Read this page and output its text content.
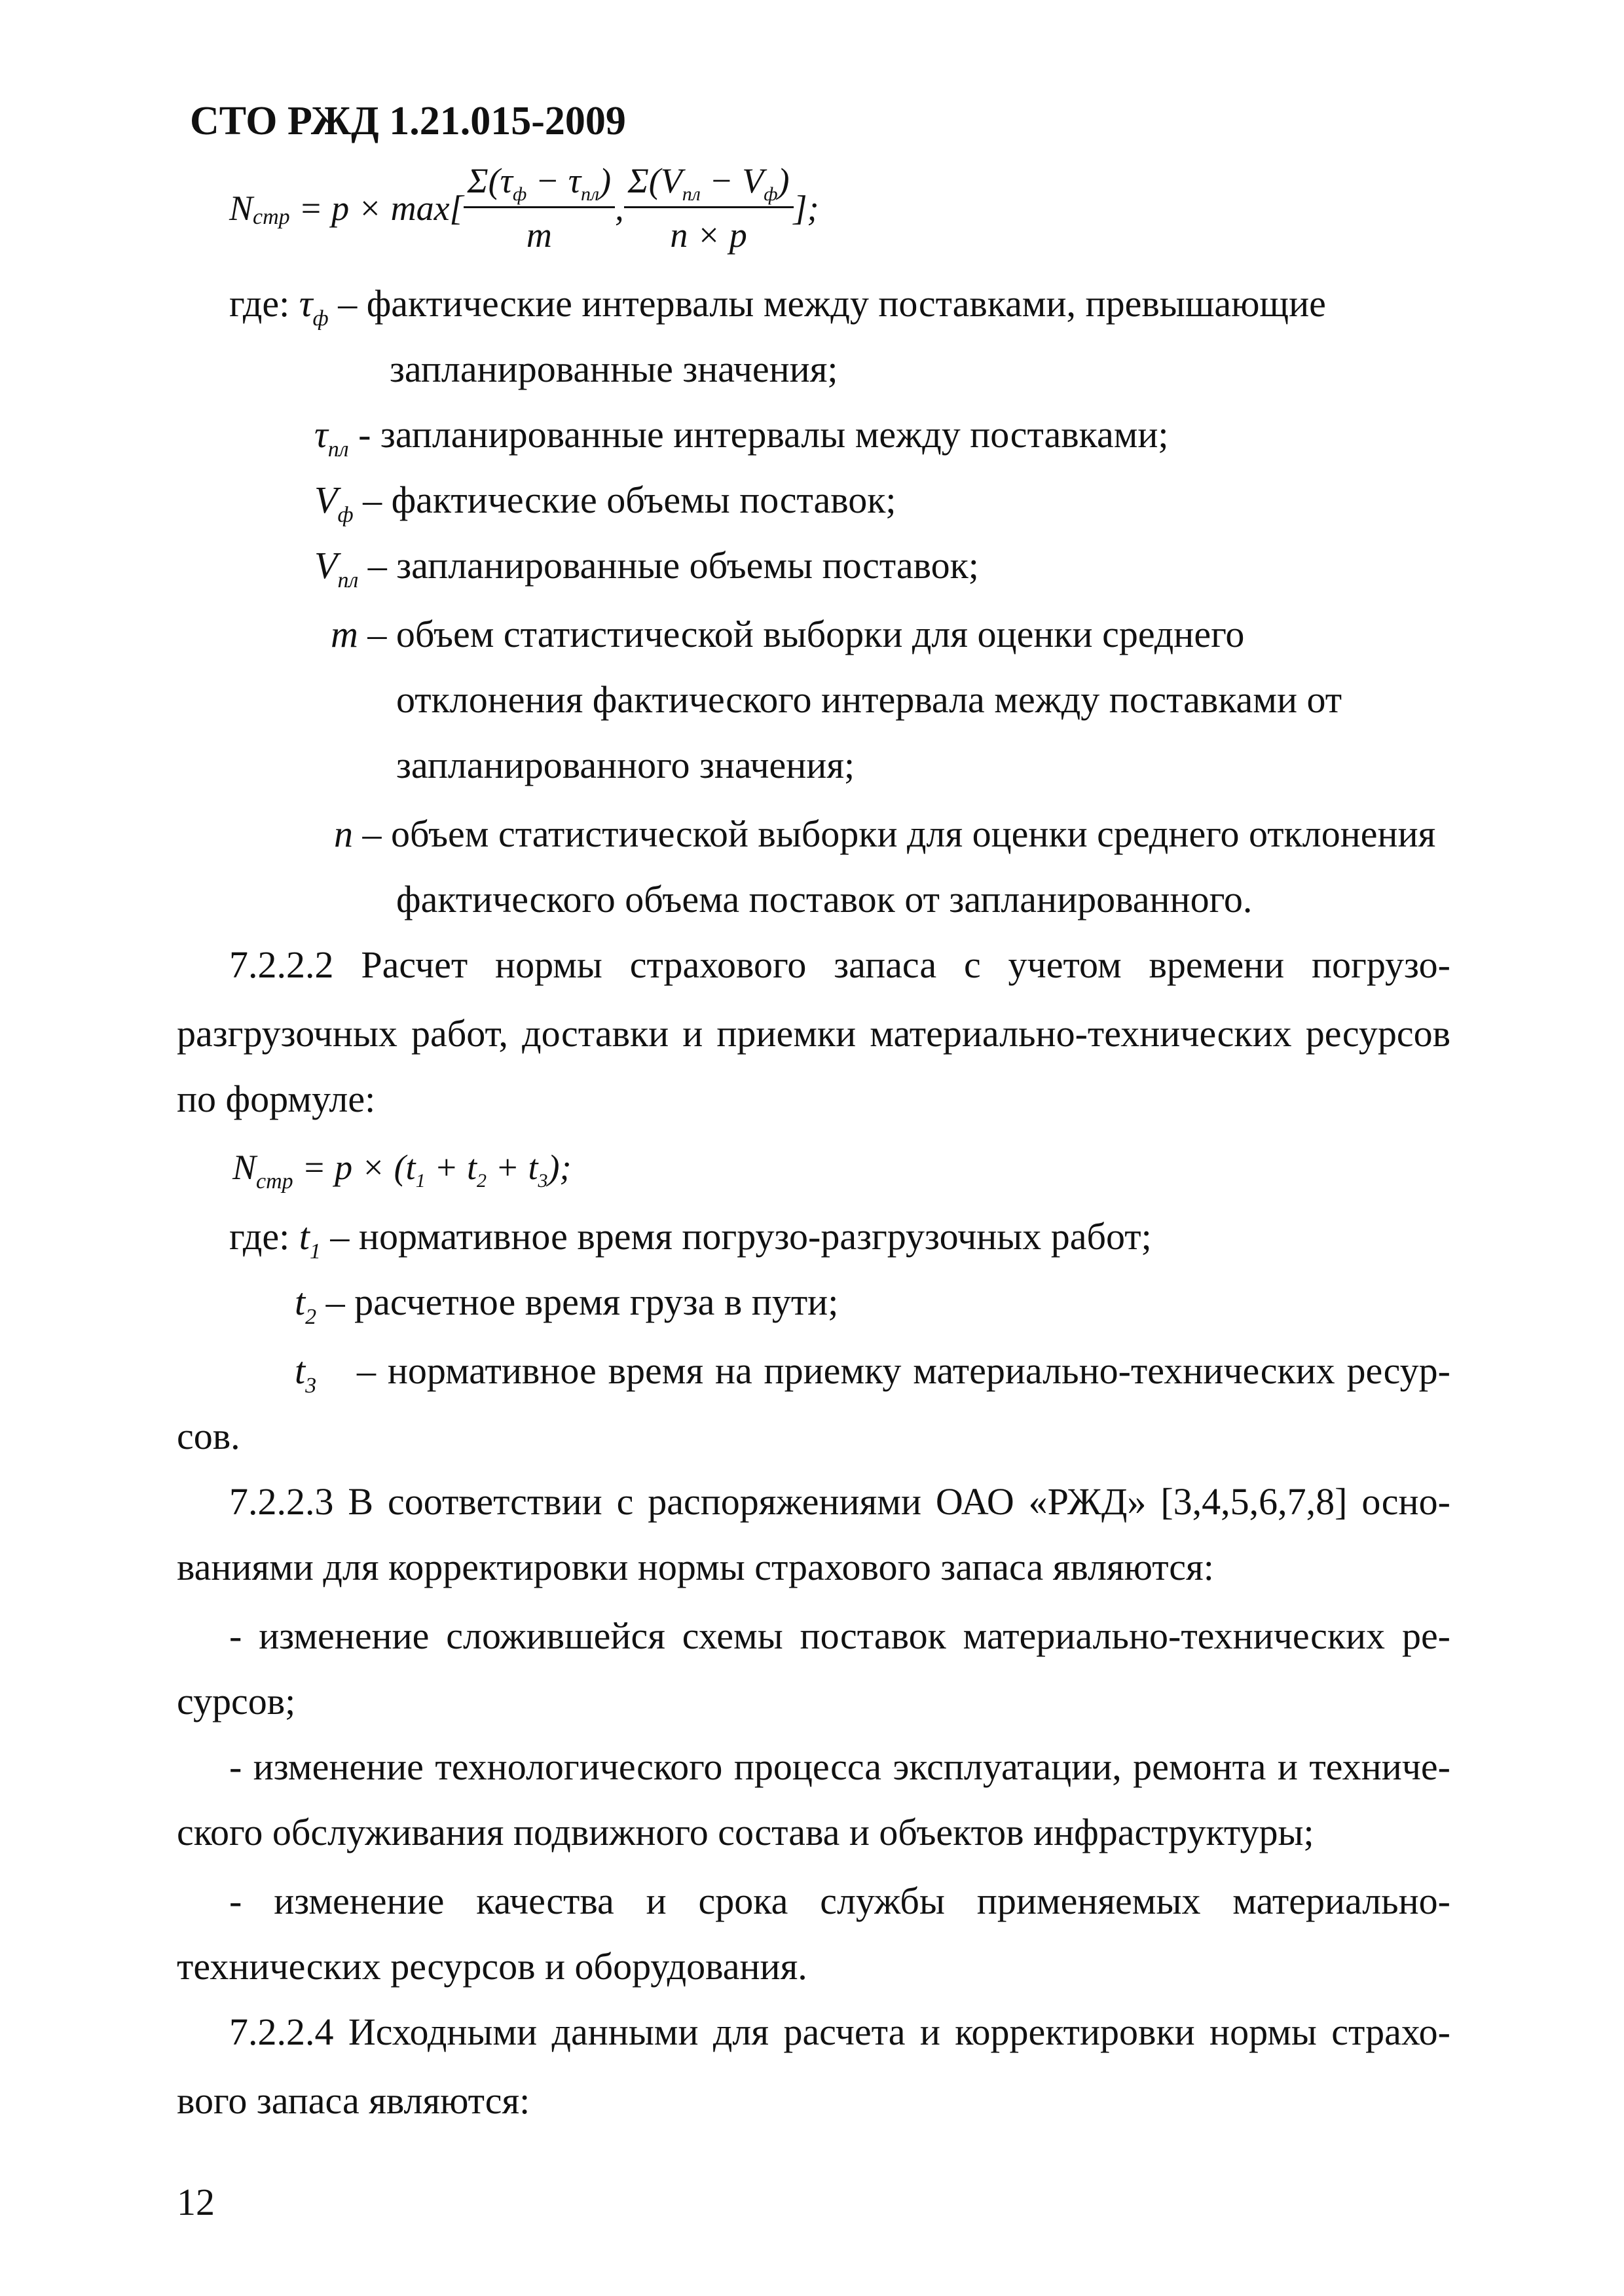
СТО РЖД 1.21.015-2009
N стр = $p \times \max[ \frac{\Sigma(\tau_ф - \tau_{пл})}{m}$ , $\frac{\Sigma(V_{пл} - V_ф)}{n \times p}$ ];
где: $\tau_ф$ – фактические интервалы между поставками, превышающие
запланированные значения;
$\tau_{пл}$ - запланированные интервалы между поставками;
$V_ф$ – фактические объемы поставок;
$V_{пл}$ – запланированные объемы поставок;
m – объем статистической выборки для оценки среднего
отклонения фактического интервала между поставками от
запланированного значения;
n – объем статистической выборки для оценки среднего отклонения
фактического объема поставок от запланированного.
7.2.2.2 Расчет нормы страхового запаса с учетом времени погрузо-
разгрузочных работ, доставки и приемки материально-технических ресурсов
по формуле:
$N_{стр} = p \times (t_1 + t_2 + t_3)$;
где: $t_1$ – нормативное время погрузо-разгрузочных работ;
$t_2$ – расчетное время груза в пути;
$t_3$ – нормативное время на приемку материально-технических ресур-
сов.
7.2.2.3 В соответствии с распоряжениями ОАО «РЖД» [3,4,5,6,7,8] осно-
ваниями для корректировки нормы страхового запаса являются:
- изменение сложившейся схемы поставок материально-технических ре-
сурсов;
- изменение технологического процесса эксплуатации, ремонта и техниче-
ского обслуживания подвижного состава и объектов инфраструктуры;
- изменение качества и срока службы применяемых материально-
технических ресурсов и оборудования.
7.2.2.4 Исходными данными для расчета и корректировки нормы страхо-
вого запаса являются:
12
